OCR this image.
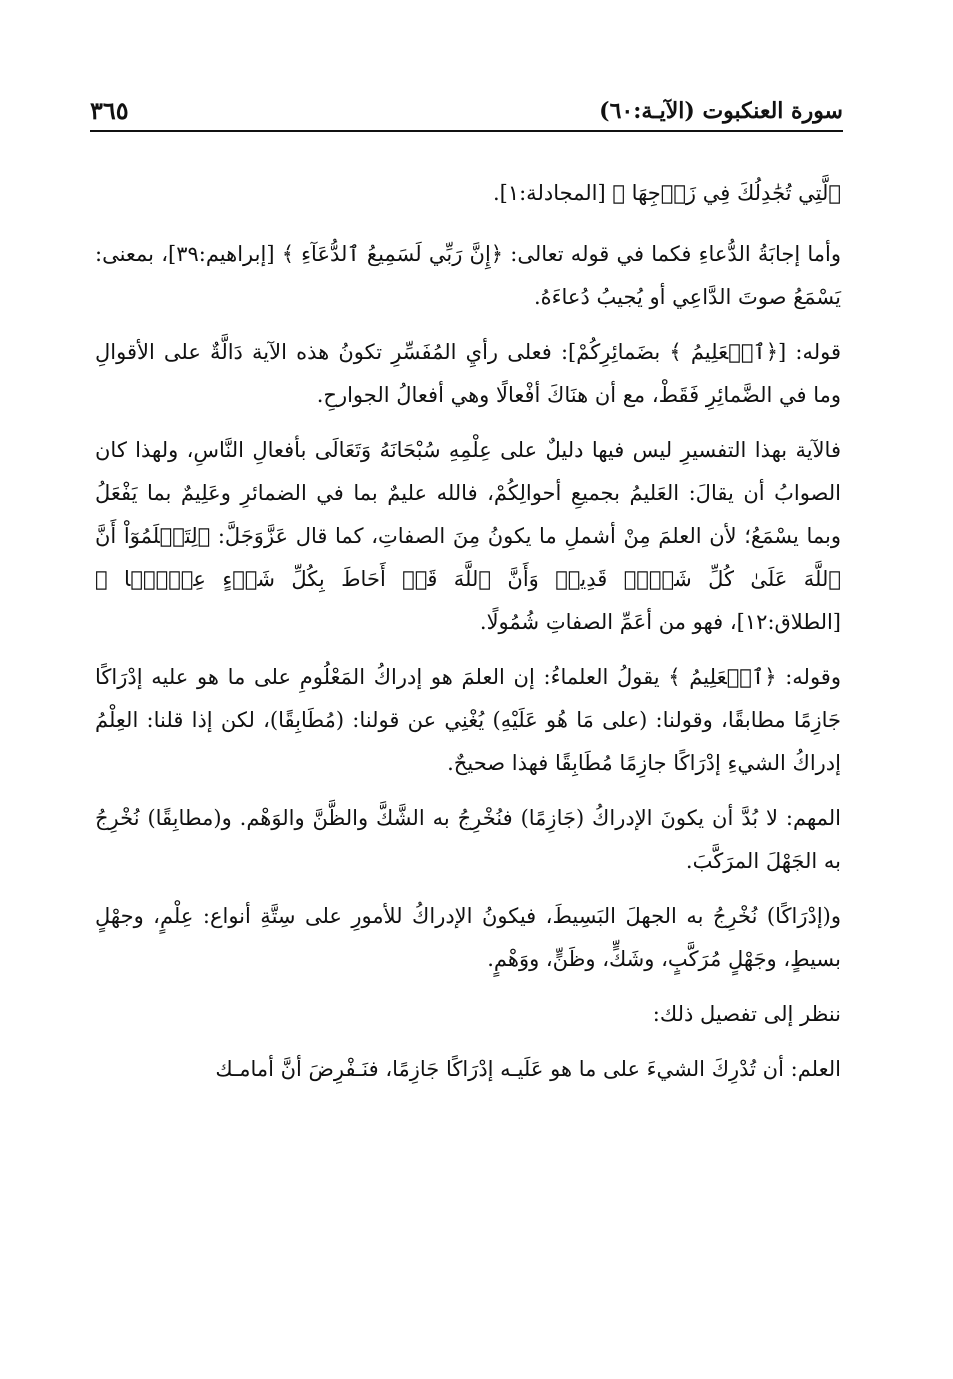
سورة العنكبوت (الآيـة:٦٠)
٣٦٥

ٱلَّتِي تُجَٰدِلُكَ فِي زَوۡجِهَا ﴾ [المجادلة:١].

وأما إجابَةُ الدُّعاءِ فكما في قوله تعالى: ﴿إِنَّ رَبِّي لَسَمِيعُ ٱلدُّعَآءِ ﴾ [إبراهيم:٣٩]، بمعنى: يَسْمَعُ صوتَ الدَّاعِي أو يُجيبُ دُعاءَهُ.

قوله: [﴿ٱلۡعَلِيمُ ﴾ بضَمائِرِكُمْ]: فعلى رأيِ المُفَسِّرِ تكونُ هذه الآية دَالَّةٌ على الأقوالِ وما في الضَّمائِرِ فَقَطْ، مع أن هنَاكَ أفْعالًا وهي أفعالُ الجوارحِ.

فالآية بهذا التفسيرِ ليس فيها دليلٌ على عِلْمِهِ سُبْحَانَهُ وَتَعَالَى بأفعالِ النَّاسِ، ولهذا كان الصوابُ أن يقالَ: العَليمُ بجميعِ أحوالِكُمْ، فالله عليمٌ بما في الضمائرِ وعَلِيمٌ بما يَفْعَلُ وبما يسْمَعُ؛ لأن العلمَ مِنْ أشملِ ما يكونُ مِنَ الصفاتِ، كما قال عَزَّوَجَلَّ: ﴿لِتَعۡلَمُوٓاْ أَنَّ ٱللَّهَ عَلَىٰ كُلِّ شَيۡءٖ قَدِيرٞ وَأَنَّ ٱللَّهَ قَدۡ أَحَاطَ بِكُلِّ شَيۡءٍ عِلۡمَۢا ﴾ [الطلاق:١٢]، فهو من أعَمِّ الصفاتِ شُمُولًا.

وقوله: ﴿ٱلۡعَلِيمُ ﴾ يقولُ العلماءُ: إن العلمَ هو إدراكُ المَعْلُومِ على ما هو عليه إدْرَاكًا جَازِمًا مطابقًا، وقولنا: (على مَا هُو عَلَيْهِ) يُغْنِي عن قولنا: (مُطَابِقًا)، لكن إذا قلنا: العِلْمُ إدراكُ الشيءِ إدْرَاكًا جازِمًا مُطَابِقًا فهذا صحيحٌ.

المهم: لا بُدَّ أن يكونَ الإدراكُ (جَازِمًا) فنُخْرِجُ به الشَّكَّ والظَّنَّ والوَهْم. و(مطابِقًا) نُخْرِجُ به الجَهْلَ المرَكَّبَ.

و(إدْرَاكًا) نُخْرِجُ به الجهلَ البَسِيطَ، فيكونُ الإدراكُ للأمورِ على سِتَّةِ أنواع: عِلْمٍ، وجهْلٍ بسيطٍ، وجَهْلٍ مُرَكَّبٍ، وشَكٍّ، وظَنٍّ، ووَهْمٍ.

ننظر إلى تفصيل ذلك:

العلم: أن تُدْرِكَ الشيءَ على ما هو عَلَيـه إدْرَاكًا جَازِمًا، فنَـفْرِضَ أنَّ أمامـك
